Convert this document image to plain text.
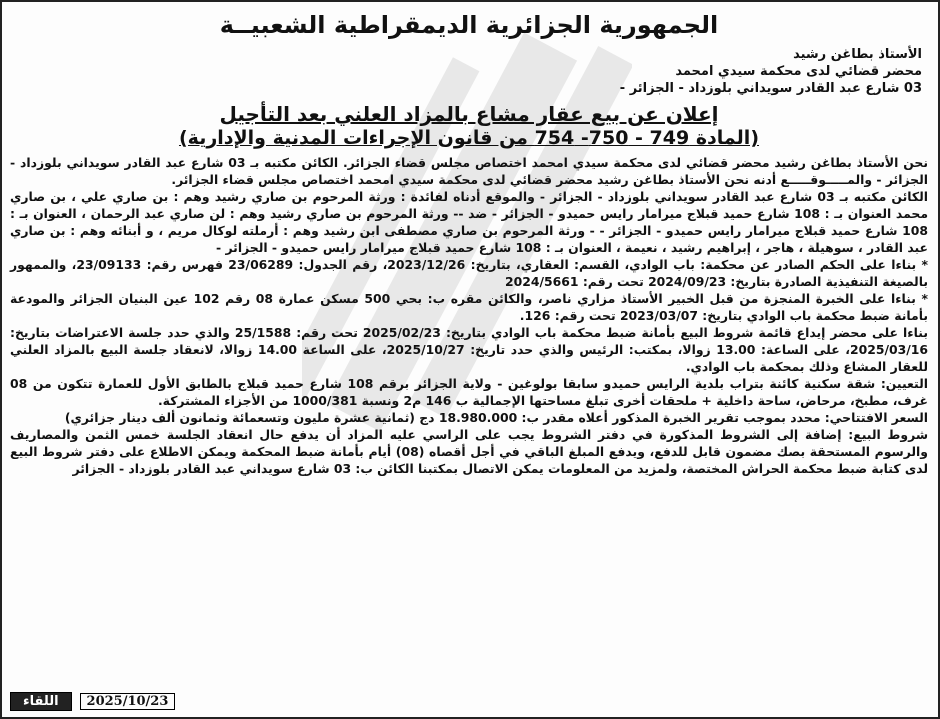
الجمهورية الجزائرية الديمقراطية الشعبيــة
الأستاذ بطاغن رشيد
محضر قضائي لدى محكمة سيدي امحمد
03 شارع عبد القادر سويداني بلوزداد - الجزائر -
إعلان عن بيع عقار مشاع بالمزاد العلني بعد التأجيل
(المادة 749 - 750- 754 من قانون الإجراءات المدنية والإدارية)

نحن الأستاذ بطاغن رشيد محضر قضائي لدى محكمة سيدي امحمد اختصاص مجلس قضاء الجزائر. الكائن مكتبه بـ 03 شارع عبد القادر سويداني بلوزداد - الجزائر - والمـــــوقـــــع أدنه نحن الأستاذ بطاغن رشيد محضر قضائي لدى محكمة سيدي امحمد اختصاص مجلس قضاء الجزائر.

الكائن مكتبه بـ 03 شارع عبد القادر سويداني بلوزداد - الجزائر - والموقع أدناه لفائدة : ورثة المرحوم بن صاري رشيد وهم : بن صاري علي ، بن صاري محمد العنوان بـ : 108 شارع حميد قبلاج ميرامار رايس حميدو - الجزائر - ضد -- ورثة المرحوم بن صاري رشيد وهم : لن صاري عبد الرحمان ، العنوان بـ : 108 شارع حميد قبلاج ميرامار رايس حميدو - الجزائر - - ورثة المرحوم بن صاري مصطفى ابن رشيد وهم : أرملته لوكال مريم ، و أبنائه وهم : بن صاري عبد القادر ، سوهيلة ، هاجر ، إبراهيم رشيد ، نعيمة ، العنوان بـ : 108 شارع حميد قبلاج ميرامار رايس حميدو - الجزائر -

* بناءا على الحكم الصادر عن محكمة: باب الوادي، القسم: العقاري، بتاريخ: 2023/12/26، رقم الجدول: 23/06289 فهرس رقم: 23/09133، والممهور بالصيغة التنفيذية الصادرة بتاريخ: 2024/09/23 تحت رقم: 2024/5661

* بناءا على الخبرة المنجزة من قبل الخبير الأستاذ مزاري ناصر، والكائن مقره ب: بحي 500 مسكن عمارة 08 رقم 102 عين البنيان الجزائر والمودعة بأمانة ضبط محكمة باب الوادي بتاريخ: 2023/03/07 تحت رقم: 126.

بناءا على محضر إيداع قائمة شروط البيع بأمانة ضبط محكمة باب الوادي بتاريخ: 2025/02/23 تحت رقم: 25/1588 والذي حدد جلسة الاعتراضات بتاريخ: 2025/03/16، على الساعة: 13.00 زوالا، بمكتب: الرئيس والذي حدد تاريخ: 2025/10/27، على الساعة 14.00 زوالا، لانعقاد جلسة البيع بالمزاد العلني للعقار المشاع وذلك بمحكمة باب الوادي.

التعيين: شقة سكنية كائنة بتراب بلدية الرايس حميدو سابقا بولوغين - ولاية الجزائر برقم 108 شارع حميد قبلاج بالطابق الأول للعمارة تتكون من 08 غرف، مطبخ، مرحاض، ساحة داخلية + ملحقات أخرى تبلغ مساحتها الإجمالية ب 146 م2 ونسبة 1000/381 من الأجزاء المشتركة.

السعر الافتتاحي: محدد بموجب تقرير الخبرة المذكور أعلاه مقدر ب: 18.980.000 دج (ثمانية عشرة مليون وتسعمائة وثمانون ألف دينار جزائري)

شروط البيع: إضافة إلى الشروط المذكورة في دفتر الشروط يجب على الراسي عليه المزاد أن يدفع حال انعقاد الجلسة خمس الثمن والمصاريف والرسوم المستحقة بصك مضمون قابل للدفع، ويدفع المبلغ الباقي في أجل أقصاه (08) أيام بأمانة ضبط المحكمة ويمكن الاطلاع على دفتر شروط البيع لدى كتابة ضبط محكمة الحراش المختصة، ولمزيد من المعلومات يمكن الاتصال بمكتبنا الكائن ب: 03 شارع سويداني عبد القادر بلوزداد - الجزائر

اللقاء	2025/10/23
